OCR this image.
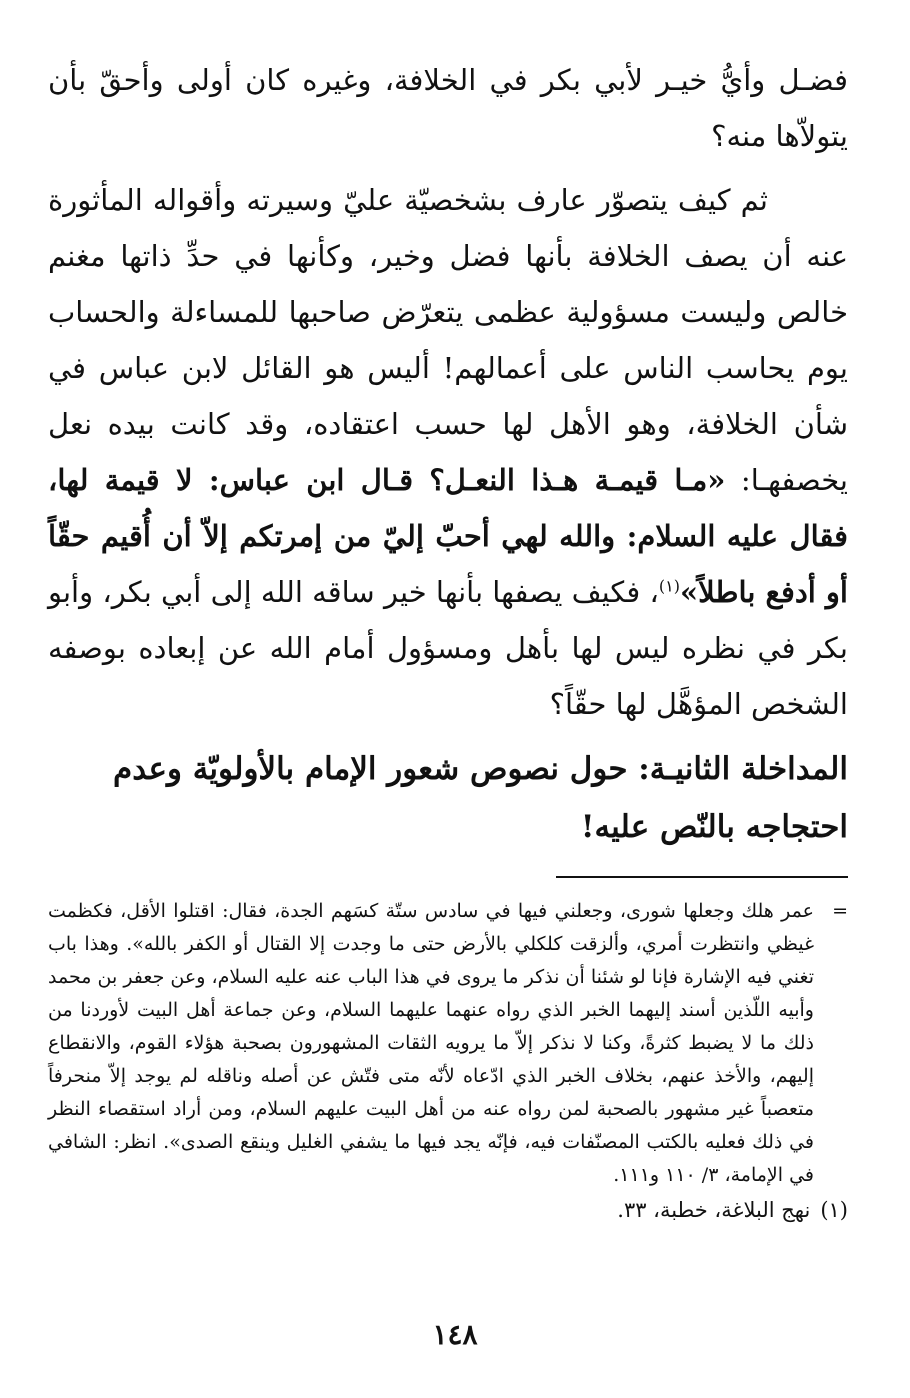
فضـل وأيُّ خيـر لأبي بكر في الخلافة، وغيره كان أولى وأحقّ بأن يتولاّها منه؟

ثم كيف يتصوّر عارف بشخصيّة عليّ وسيرته وأقواله المأثورة عنه أن يصف الخلافة بأنها فضل وخير، وكأنها في حدِّ ذاتها مغنم خالص وليست مسؤولية عظمى يتعرّض صاحبها للمساءلة والحساب يوم يحاسب الناس على أعمالهم! أليس هو القائل لابن عباس في شأن الخلافة، وهو الأهل لها حسب اعتقاده، وقد كانت بيده نعل يخصفهـا: «مـا قيمـة هـذا النعـل؟ قـال ابن عباس: لا قيمة لها، فقال عليه السلام: والله لهي أحبّ إليّ من إمرتكم إلاّ أن أُقيم حقّاً أو أدفع باطلاً»$^{(١)}$، فكيف يصفها بأنها خير ساقه الله إلى أبي بكر، وأبو بكر في نظره ليس لها بأهل ومسؤول أمام الله عن إبعاده بوصفه الشخص المؤهَّل لها حقّاً؟

المداخلة الثانيـة: حول نصوص شعور الإمام بالأولويّة وعدم احتجاجه بالنّص عليه!
=
عمر هلك وجعلها شورى، وجعلني فيها في سادس ستّة كسَهم الجدة، فقال: اقتلوا الأقل، فكظمت غيظي وانتظرت أمري، وألزقت كلكلي بالأرض حتى ما وجدت إلا القتال أو الكفر بالله». وهذا باب تغني فيه الإشارة فإنا لو شئنا أن نذكر ما يروى في هذا الباب عنه عليه السلام، وعن جعفر بن محمد وأبيه اللّذين أسند إليهما الخبر الذي رواه عنهما عليهما السلام، وعن جماعة أهل البيت لأوردنا من ذلك ما لا يضبط كثرةً، وكنا لا نذكر إلاّ ما يرويه الثقات المشهورون بصحبة هؤلاء القوم، والانقطاع إليهم، والأخذ عنهم، بخلاف الخبر الذي ادّعاه لأنّه متى فتّش عن أصله وناقله لم يوجد إلاّ منحرفاً متعصباً غير مشهور بالصحبة لمن رواه عنه من أهل البيت عليهم السلام، ومن أراد استقصاء النظر في ذلك فعليه بالكتب المصنّفات فيه، فإنّه يجد فيها ما يشفي الغليل وينقع الصدى». انظر: الشافي في الإمامة، ٣/ ١١٠ و١١١.
(١)
نهج البلاغة، خطبة، ٣٣.
١٤٨
